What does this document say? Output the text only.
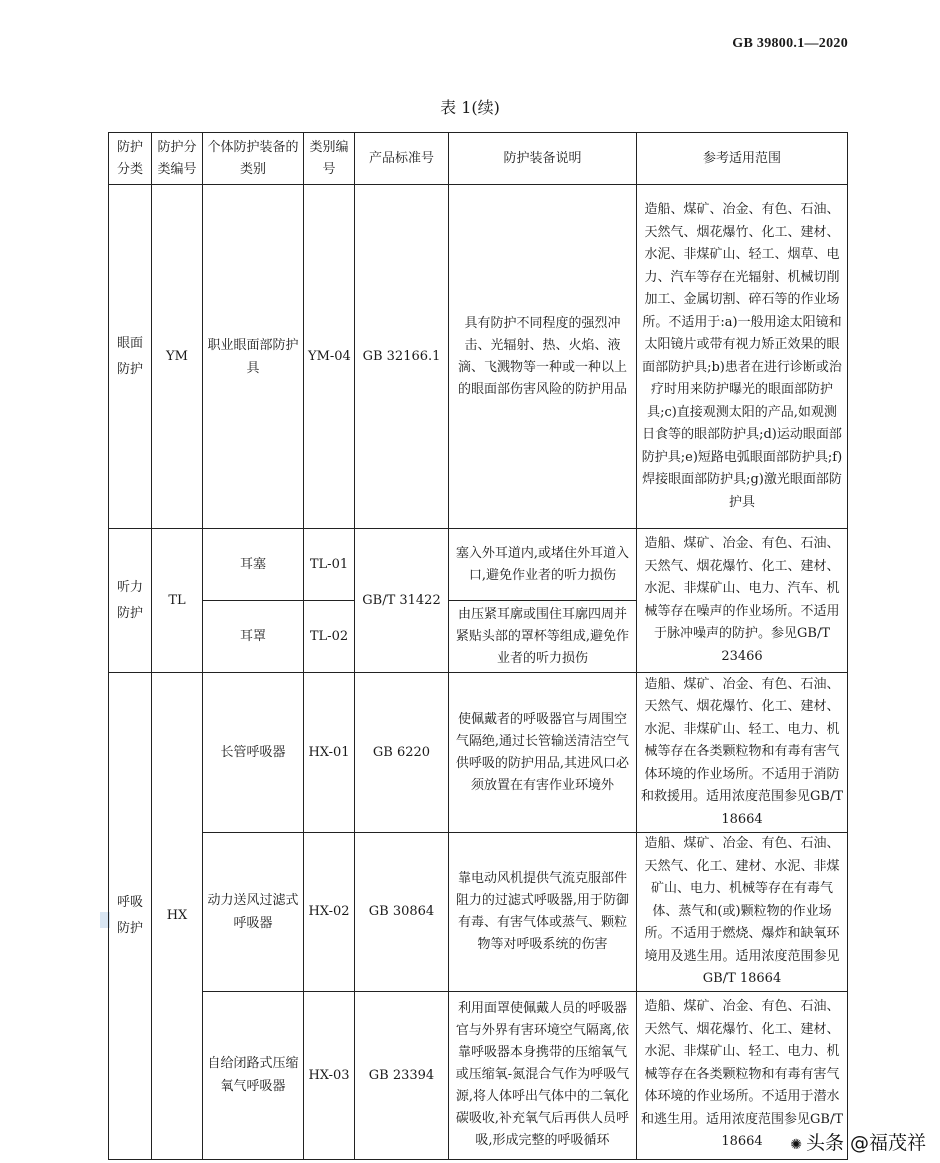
GB 39800.1—2020
表 1(续)
防护分类	防护分类编号	个体防护装备的类别	类别编号	产品标准号	防护装备说明	参考适用范围
眼面防护	YM	职业眼面部防护具	YM-04	GB 32166.1	具有防护不同程度的强烈冲击、光辐射、热、火焰、液滴、飞溅物等一种或一种以上的眼面部伤害风险的防护用品	造船、煤矿、冶金、有色、石油、天然气、烟花爆竹、化工、建材、水泥、非煤矿山、轻工、烟草、电力、汽车等存在光辐射、机械切削加工、金属切割、碎石等的作业场所。不适用于:a)一般用途太阳镜和太阳镜片或带有视力矫正效果的眼面部防护具;b)患者在进行诊断或治疗时用来防护曝光的眼面部防护具;c)直接观测太阳的产品,如观测日食等的眼部防护具;d)运动眼面部防护具;e)短路电弧眼面部防护具;f)焊接眼面部防护具;g)激光眼面部防护具
听力防护	TL	耳塞	TL-01	GB/T 31422	塞入外耳道内,或堵住外耳道入口,避免作业者的听力损伤	造船、煤矿、冶金、有色、石油、天然气、烟花爆竹、化工、建材、水泥、非煤矿山、电力、汽车、机械等存在噪声的作业场所。不适用于脉冲噪声的防护。参见GB/T 23466
		耳罩	TL-02		由压紧耳廓或围住耳廓四周并紧贴头部的罩杯等组成,避免作业者的听力损伤	
呼吸防护	HX	长管呼吸器	HX-01	GB 6220	使佩戴者的呼吸器官与周围空气隔绝,通过长管输送清洁空气供呼吸的防护用品,其进风口必须放置在有害作业环境外	造船、煤矿、冶金、有色、石油、天然气、烟花爆竹、化工、建材、水泥、非煤矿山、轻工、电力、机械等存在各类颗粒物和有毒有害气体环境的作业场所。不适用于消防和救援用。适用浓度范围参见GB/T 18664
		动力送风过滤式呼吸器	HX-02	GB 30864	靠电动风机提供气流克服部件阻力的过滤式呼吸器,用于防御有毒、有害气体或蒸气、颗粒物等对呼吸系统的伤害	造船、煤矿、冶金、有色、石油、天然气、化工、建材、水泥、非煤矿山、电力、机械等存在有毒气体、蒸气和(或)颗粒物的作业场所。不适用于燃烧、爆炸和缺氧环境用及逃生用。适用浓度范围参见GB/T 18664
		自给闭路式压缩氧气呼吸器	HX-03	GB 23394	利用面罩使佩戴人员的呼吸器官与外界有害环境空气隔离,依靠呼吸器本身携带的压缩氧气或压缩氧-氮混合气作为呼吸气源,将人体呼出气体中的二氧化碳吸收,补充氧气后再供人员呼吸,形成完整的呼吸循环	造船、煤矿、冶金、有色、石油、天然气、烟花爆竹、化工、建材、水泥、非煤矿山、轻工、电力、机械等存在各类颗粒物和有毒有害气体环境的作业场所。不适用于潜水和逃生用。适用浓度范围参见GB/T 18664 ✺ 头条 @福茂祥
